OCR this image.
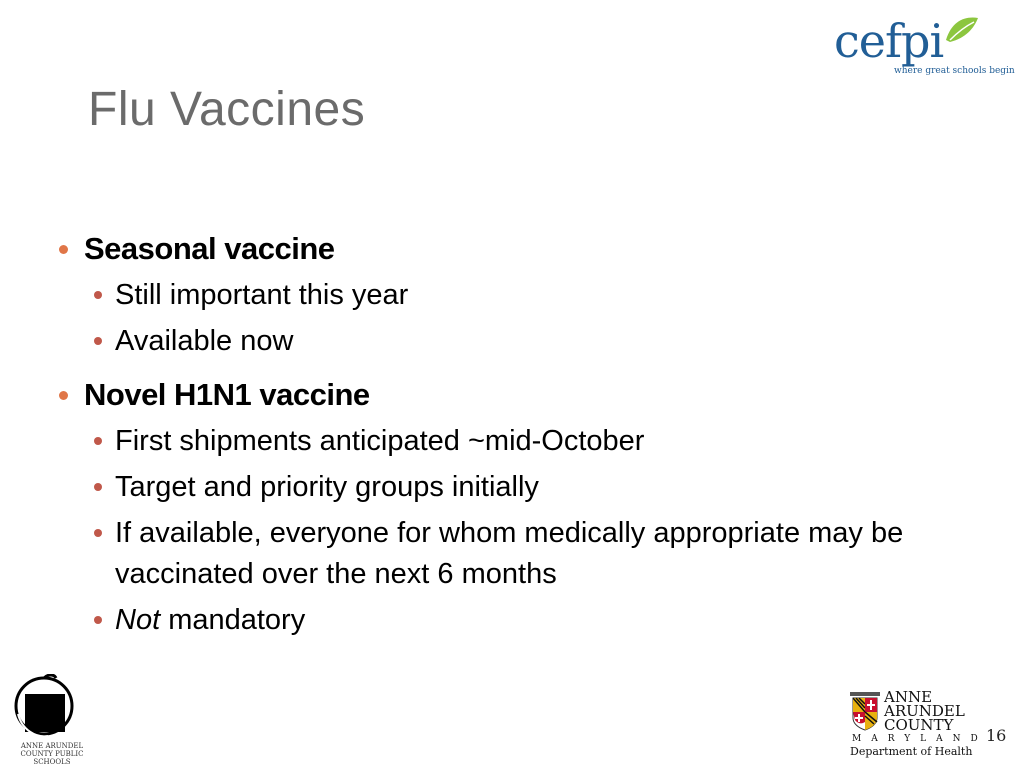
Flu Vaccines
cefpi
where great schools begin
Seasonal vaccine
Still important this year
Available now
Novel H1N1 vaccine
First shipments anticipated ~mid-October
Target and priority groups initially
If available, everyone for whom medically appropriate may be vaccinated over the next 6 months
Not mandatory
ANNE ARUNDEL
COUNTY PUBLIC SCHOOLS
ANNE
ARUNDEL
COUNTY
MARYLAND
Department of Health
16
